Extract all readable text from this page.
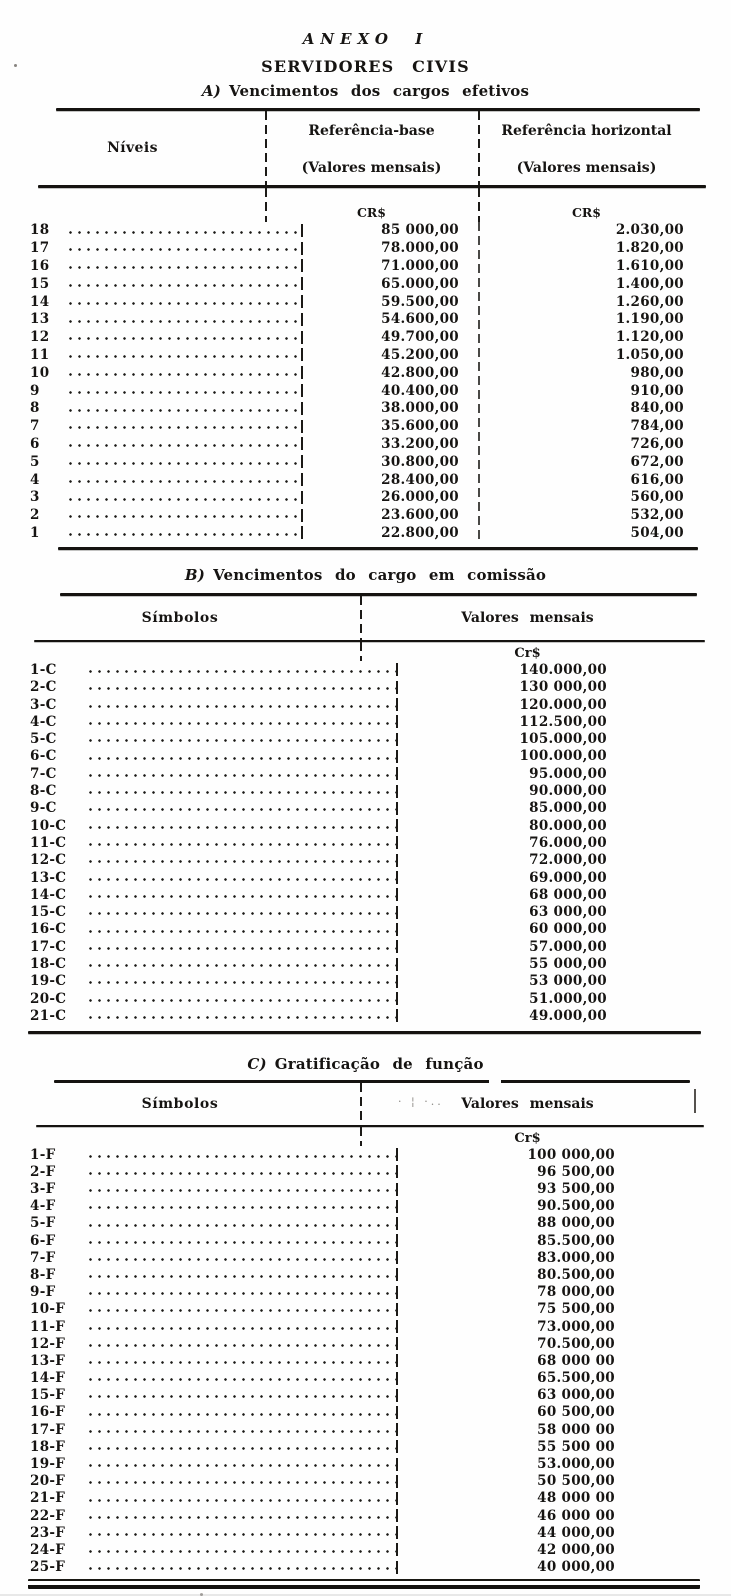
ANEXO I
SERVIDORES CIVIS
A) Vencimentos dos cargos efetivos
Níveis
Referência-base
(Valores mensais)
Referência horizontal
(Valores mensais)
CR$	CR$
18	85 000,00	2.030,00
17	78.000,00	1.820,00
16	71.000,00	1.610,00
15	65.000,00	1.400,00
14	59.500,00	1.260,00
13	54.600,00	1.190,00
12	49.700,00	1.120,00
11	45.200,00	1.050,00
10	42.800,00	980,00
9	40.400,00	910,00
8	38.000,00	840,00
7	35.600,00	784,00
6	33.200,00	726,00
5	30.800,00	672,00
4	28.400,00	616,00
3	26.000,00	560,00
2	23.600,00	532,00
1	22.800,00	504,00
B) Vencimentos do cargo em comissão
Símbolos	Valores mensais
Cr$
1-C	140.000,00
2-C	130 000,00
3-C	120.000,00
4-C	112.500,00
5-C	105.000,00
6-C	100.000,00
7-C	95.000,00
8-C	90.000,00
9-C	85.000,00
10-C	80.000,00
11-C	76.000,00
12-C	72.000,00
13-C	69.000,00
14-C	68 000,00
15-C	63 000,00
16-C	60 000,00
17-C	57.000,00
18-C	55 000,00
19-C	53 000,00
20-C	51.000,00
21-C	49.000,00
C) Gratificação de função
Símbolos	Valores mensais
· ¦ ·..
Cr$
1-F	100 000,00
2-F	96 500,00
3-F	93 500,00
4-F	90.500,00
5-F	88 000,00
6-F	85.500,00
7-F	83.000,00
8-F	80.500,00
9-F	78 000,00
10-F	75 500,00
11-F	73.000,00
12-F	70.500,00
13-F	68 000 00
14-F	65.500,00
15-F	63 000,00
16-F	60 500,00
17-F	58 000 00
18-F	55 500 00
19-F	53.000,00
20-F	50 500,00
21-F	48 000 00
22-F	46 000 00
23-F	44 000,00
24-F	42 000,00
25-F	40 000,00
